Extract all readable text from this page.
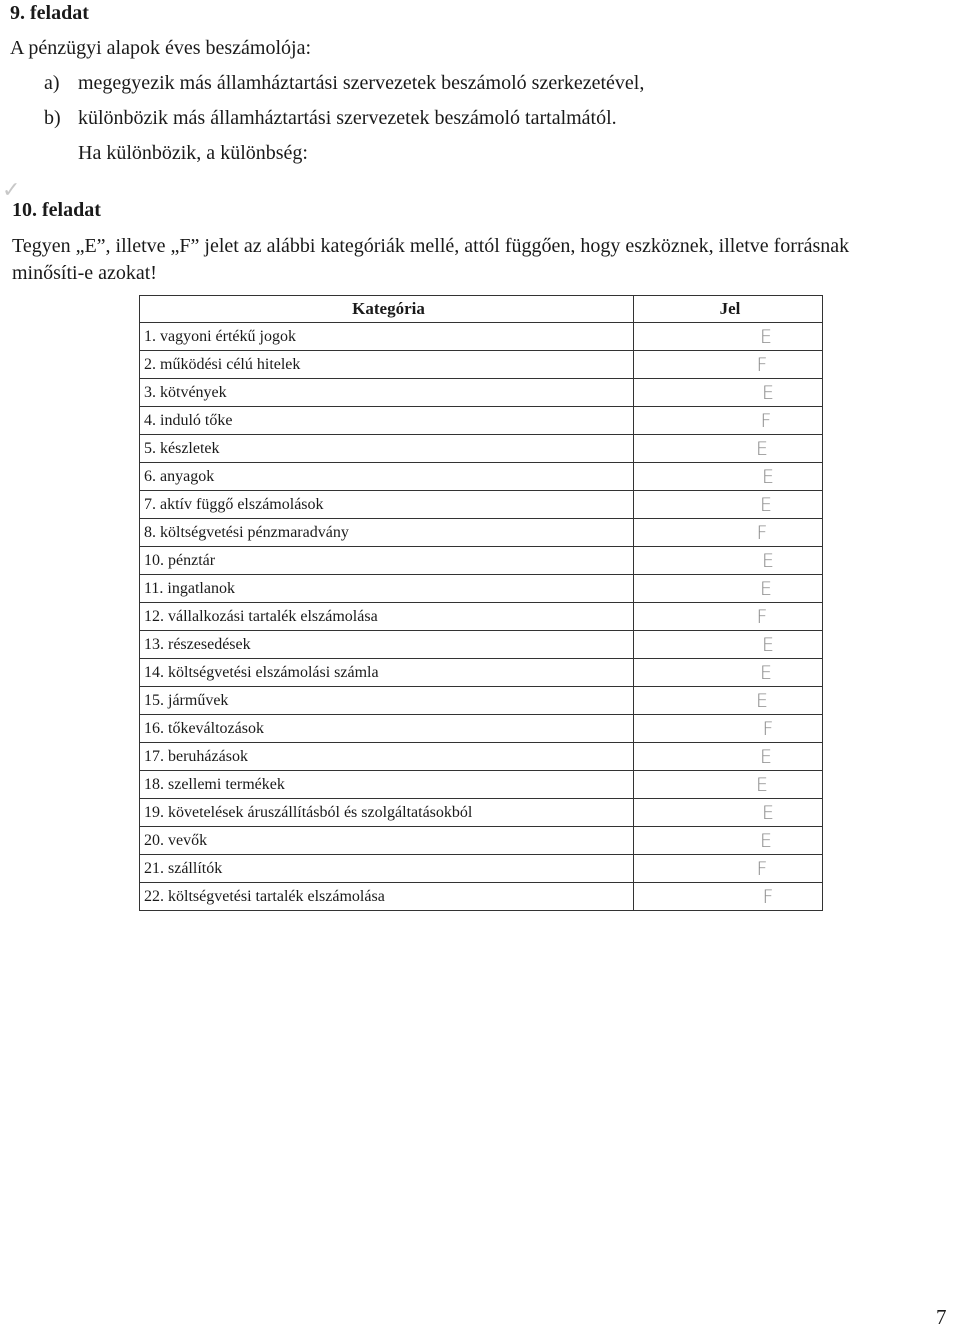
9. feladat
A pénzügyi alapok éves beszámolója:
a) megegyezik más államháztartási szervezetek beszámoló szerkezetével,
b) különbözik más államháztartási szervezetek beszámoló tartalmától.
Ha különbözik, a különbség:
✓
10. feladat
Tegyen „E”, illetve „F” jelet az alábbi kategóriák mellé, attól függően, hogy eszköznek, illetve forrásnak
minősíti-e azokat!
Kategória	Jel
1. vagyoni értékű jogok	E
2. működési célú hitelek	F
3. kötvények	E
4. induló tőke	F
5. készletek	E
6. anyagok	E
7. aktív függő elszámolások	E
8. költségvetési pénzmaradvány	F
10. pénztár	E
11. ingatlanok	E
12. vállalkozási tartalék elszámolása	F
13. részesedések	E
14. költségvetési elszámolási számla	E
15. járművek	E
16. tőkeváltozások	F
17. beruházások	E
18. szellemi termékek	E
19. követelések áruszállításból és szolgáltatásokból	E
20. vevők	E
21. szállítók	F
22. költségvetési tartalék elszámolása	F
7
